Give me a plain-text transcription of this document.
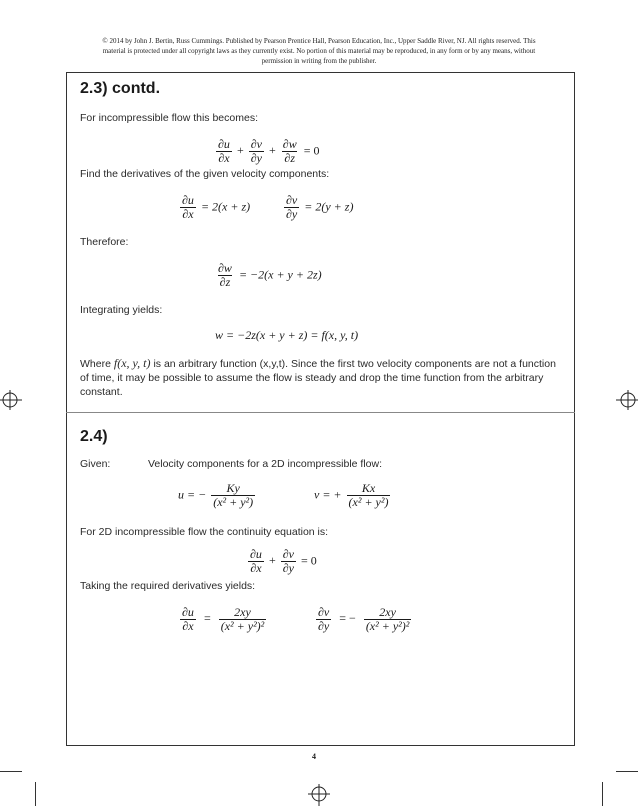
© 2014 by John J. Bertin, Russ Cummings. Published by Pearson Prentice Hall, Pearson Education, Inc., Upper Saddle River, NJ. All rights reserved. This material is protected under all copyright laws as they currently exist. No portion of this material may be reproduced, in any form or by any means, without permission in writing from the publisher.
2.3) contd.
For incompressible flow this becomes:
$\frac{\partial u}{\partial x} + \frac{\partial v}{\partial y} + \frac{\partial w}{\partial z} = 0$
Find the derivatives of the given velocity components:
$\frac{\partial u}{\partial x} = 2(x + z)$	$\frac{\partial v}{\partial y} = 2(y + z)$
Therefore:
$\frac{\partial w}{\partial z} = -2(x + y + 2z)$
Integrating yields:
w = −2z(x + y + z) = f(x, y, t)
Where f(x, y, t) is an arbitrary function (x,y,t). Since the first two velocity components are not a function of time, it may be possible to assume the flow is steady and drop the time function from the arbitrary constant.
2.4)
Given:	Velocity components for a 2D incompressible flow:
u = − $\frac{Ky}{\text{(x² + y²)}}$	v = + $\frac{Kx}{\text{(x² + y²)}}$
For 2D incompressible flow the continuity equation is:
$\frac{\partial u}{\partial x} + \frac{\partial v}{\partial y} = 0$
Taking the required derivatives yields:
$\frac{\partial u}{\partial x} = \frac{2xy}{\text{(x² + y²)²}}$	$\frac{\partial v}{\partial y}$ = − $\frac{2xy}{\text{(x² + y²)²}}$
4
